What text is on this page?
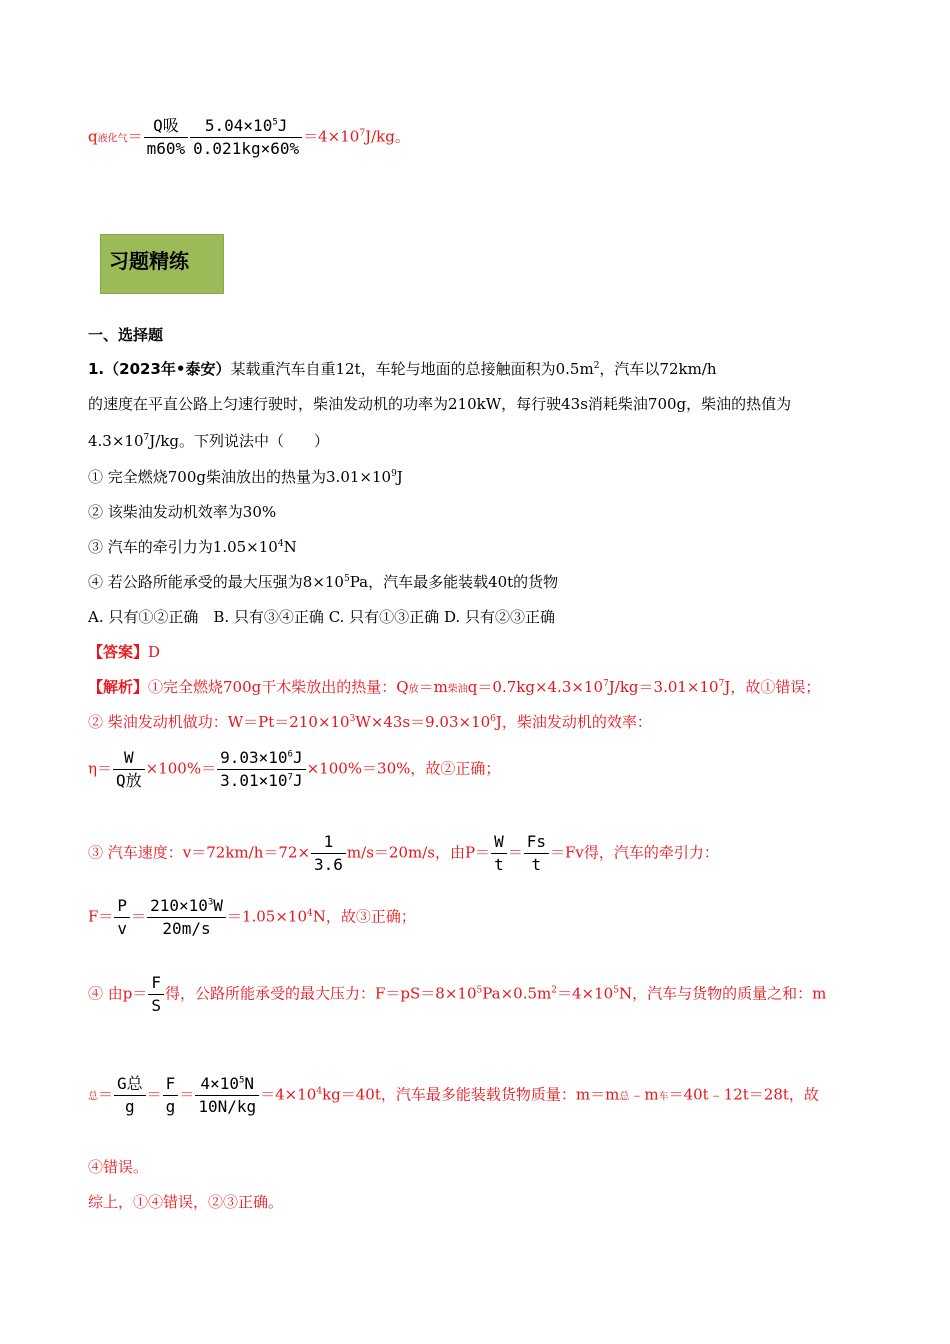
q液化气＝ $\frac{\text{Q吸}}{m60\%} \frac{5.04\times 10^5J}{0.021kg\times 60\%} =4\times 10^7J/kg$。
习题精练
一、选择题
1.（2023年•泰安）某载重汽车自重12t，车轮与地面的总接触面积为$0.5m^2$，汽车以72km/h
的速度在平直公路上匀速行驶时，柴油发动机的功率为210kW，每行驶43s消耗柴油700g，柴油的热值为
$4.3\times 10^7J/kg$。下列说法中（　　）
① 完全燃烧700g柴油放出的热量为$3.01\times 10^9J$
② 该柴油发动机效率为30%
③ 汽车的牵引力为$1.05\times 10^4N$
④ 若公路所能承受的最大压强为$8\times 10^5Pa$，汽车最多能装载40t的货物
A. 只有①②正确　B. 只有③④正确 C. 只有①③正确 D. 只有②③正确
【答案】D
【解析】①完全燃烧700g干木柴放出的热量：Q放＝m柴油$q=0.7kg\times 4.3\times 10^7J/kg=3.01\times 10^7J$，故①错误；
② 柴油发动机做功：$W=Pt=210\times 10^3W\times 43s=9.03\times 10^6J$，柴油发动机的效率：
$\eta= \frac{W}{\text{Q放}} \times 100\%= \frac{9.03\times 10^6J}{3.01\times 10^7J} \times 100\%=30\%$，故②正确；
③ 汽车速度：$v=72km/h=72\times \frac{1}{3.6} m/s=20m/s$，由$P= \frac{W}{t} = \frac{Fs}{t} =Fv$得，汽车的牵引力：
$F= \frac{P}{v} = \frac{210\times 10^3W}{20m/s} =1.05\times 10^4N$，故③正确；
④ 由$p= \frac{F}{S}$ 得，公路所能承受的最大压力：$F=pS=8\times 10^5Pa\times 0.5m^2=4\times 10^5N$，汽车与货物的质量之和：m
总＝ $\frac{\text{G总}}{g} = \frac{F}{g} = \frac{4\times 10^5N}{10N/kg} =4\times 10^4kg=40t$，汽车最多能装载货物质量：m＝m总﹣m车＝40t﹣12t＝28t，故
④错误。
综上，①④错误，②③正确。
